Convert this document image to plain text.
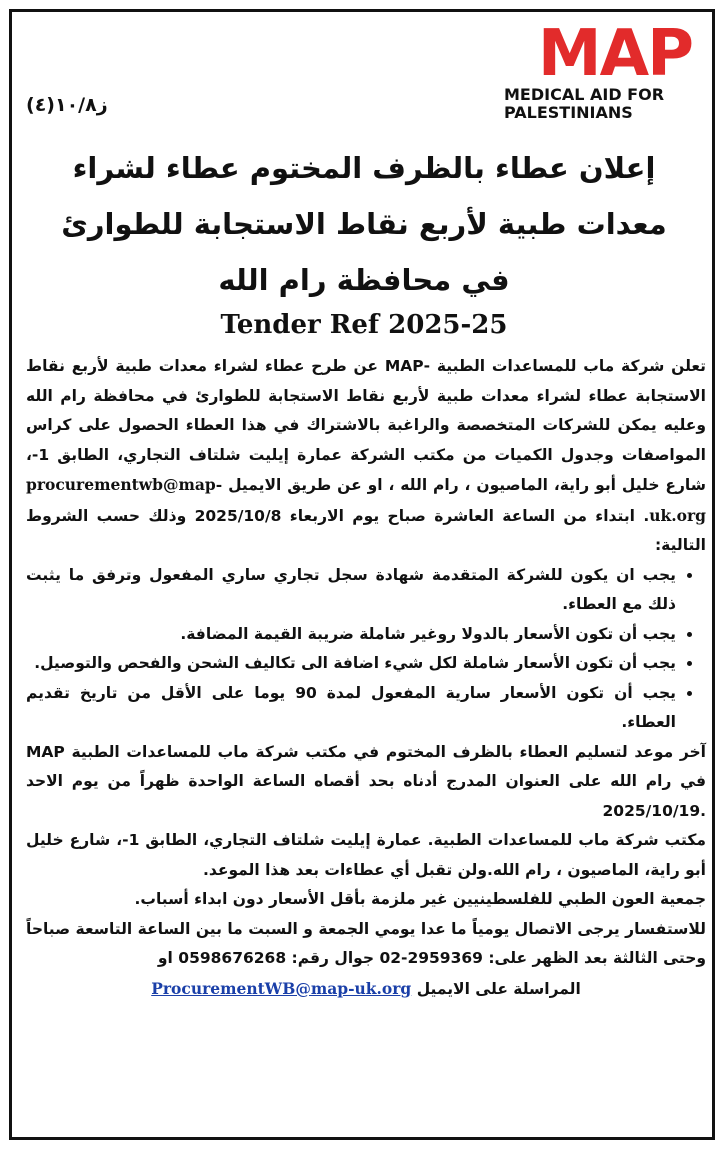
MAP
MEDICAL AID FOR
PALESTINIANS
ز١٠/٨(٤)
إعلان عطاء بالظرف المختوم عطاء لشراء
معدات طبية لأربع نقاط الاستجابة للطوارئ
في محافظة رام الله
Tender Ref 2025-25

تعلن شركة ماب للمساعدات الطبية -MAP عن طرح عطاء لشراء معدات طبية لأربع نقاط الاستجابة عطاء لشراء معدات طبية لأربع نقاط الاستجابة للطوارئ في محافظة رام الله وعليه يمكن للشركات المتخصصة والراغبة بالاشتراك في هذا العطاء الحصول على كراس المواصفات وجدول الكميات من مكتب الشركة عمارة إيليت شلتاف التجاري، الطابق 1-، شارع خليل أبو راية، الماصيون ، رام الله ، او عن طريق الايميل procurementwb@map-uk.org. ابتداء من الساعة العاشرة صباح يوم الاربعاء 2025/10/8 وذلك حسب الشروط التالية:

• يجب ان يكون للشركة المتقدمة شهادة سجل تجاري ساري المفعول وترفق ما يثبت ذلك مع العطاء.
• يجب أن تكون الأسعار بالدولا روغير شاملة ضريبة القيمة المضافة.
• يجب أن تكون الأسعار شاملة لكل شيء اضافة الى تكاليف الشحن والفحص والتوصيل.
• يجب أن تكون الأسعار سارية المفعول لمدة 90 يوما على الأقل من تاريخ تقديم العطاء.

آخر موعد لتسليم العطاء بالظرف المختوم في مكتب شركة ماب للمساعدات الطبية MAP في رام الله على العنوان المدرج أدناه بحد أقصاه الساعة الواحدة ظهراً من يوم الاحد 2025/10/19.

مكتب شركة ماب للمساعدات الطبية. عمارة إيليت شلتاف التجاري، الطابق 1-، شارع خليل أبو راية، الماصيون ، رام الله.ولن تقبل أي عطاءات بعد هذا الموعد.

جمعية العون الطبي للفلسطينيين غير ملزمة بأقل الأسعار دون ابداء أسباب.

للاستفسار يرجى الاتصال يومياً ما عدا يومي الجمعة و السبت ما بين الساعة التاسعة صباحاً وحتى الثالثة بعد الظهر على: 02-2959369 جوال رقم: 0598676268 او

المراسلة على الايميل ProcurementWB@map-uk.org
